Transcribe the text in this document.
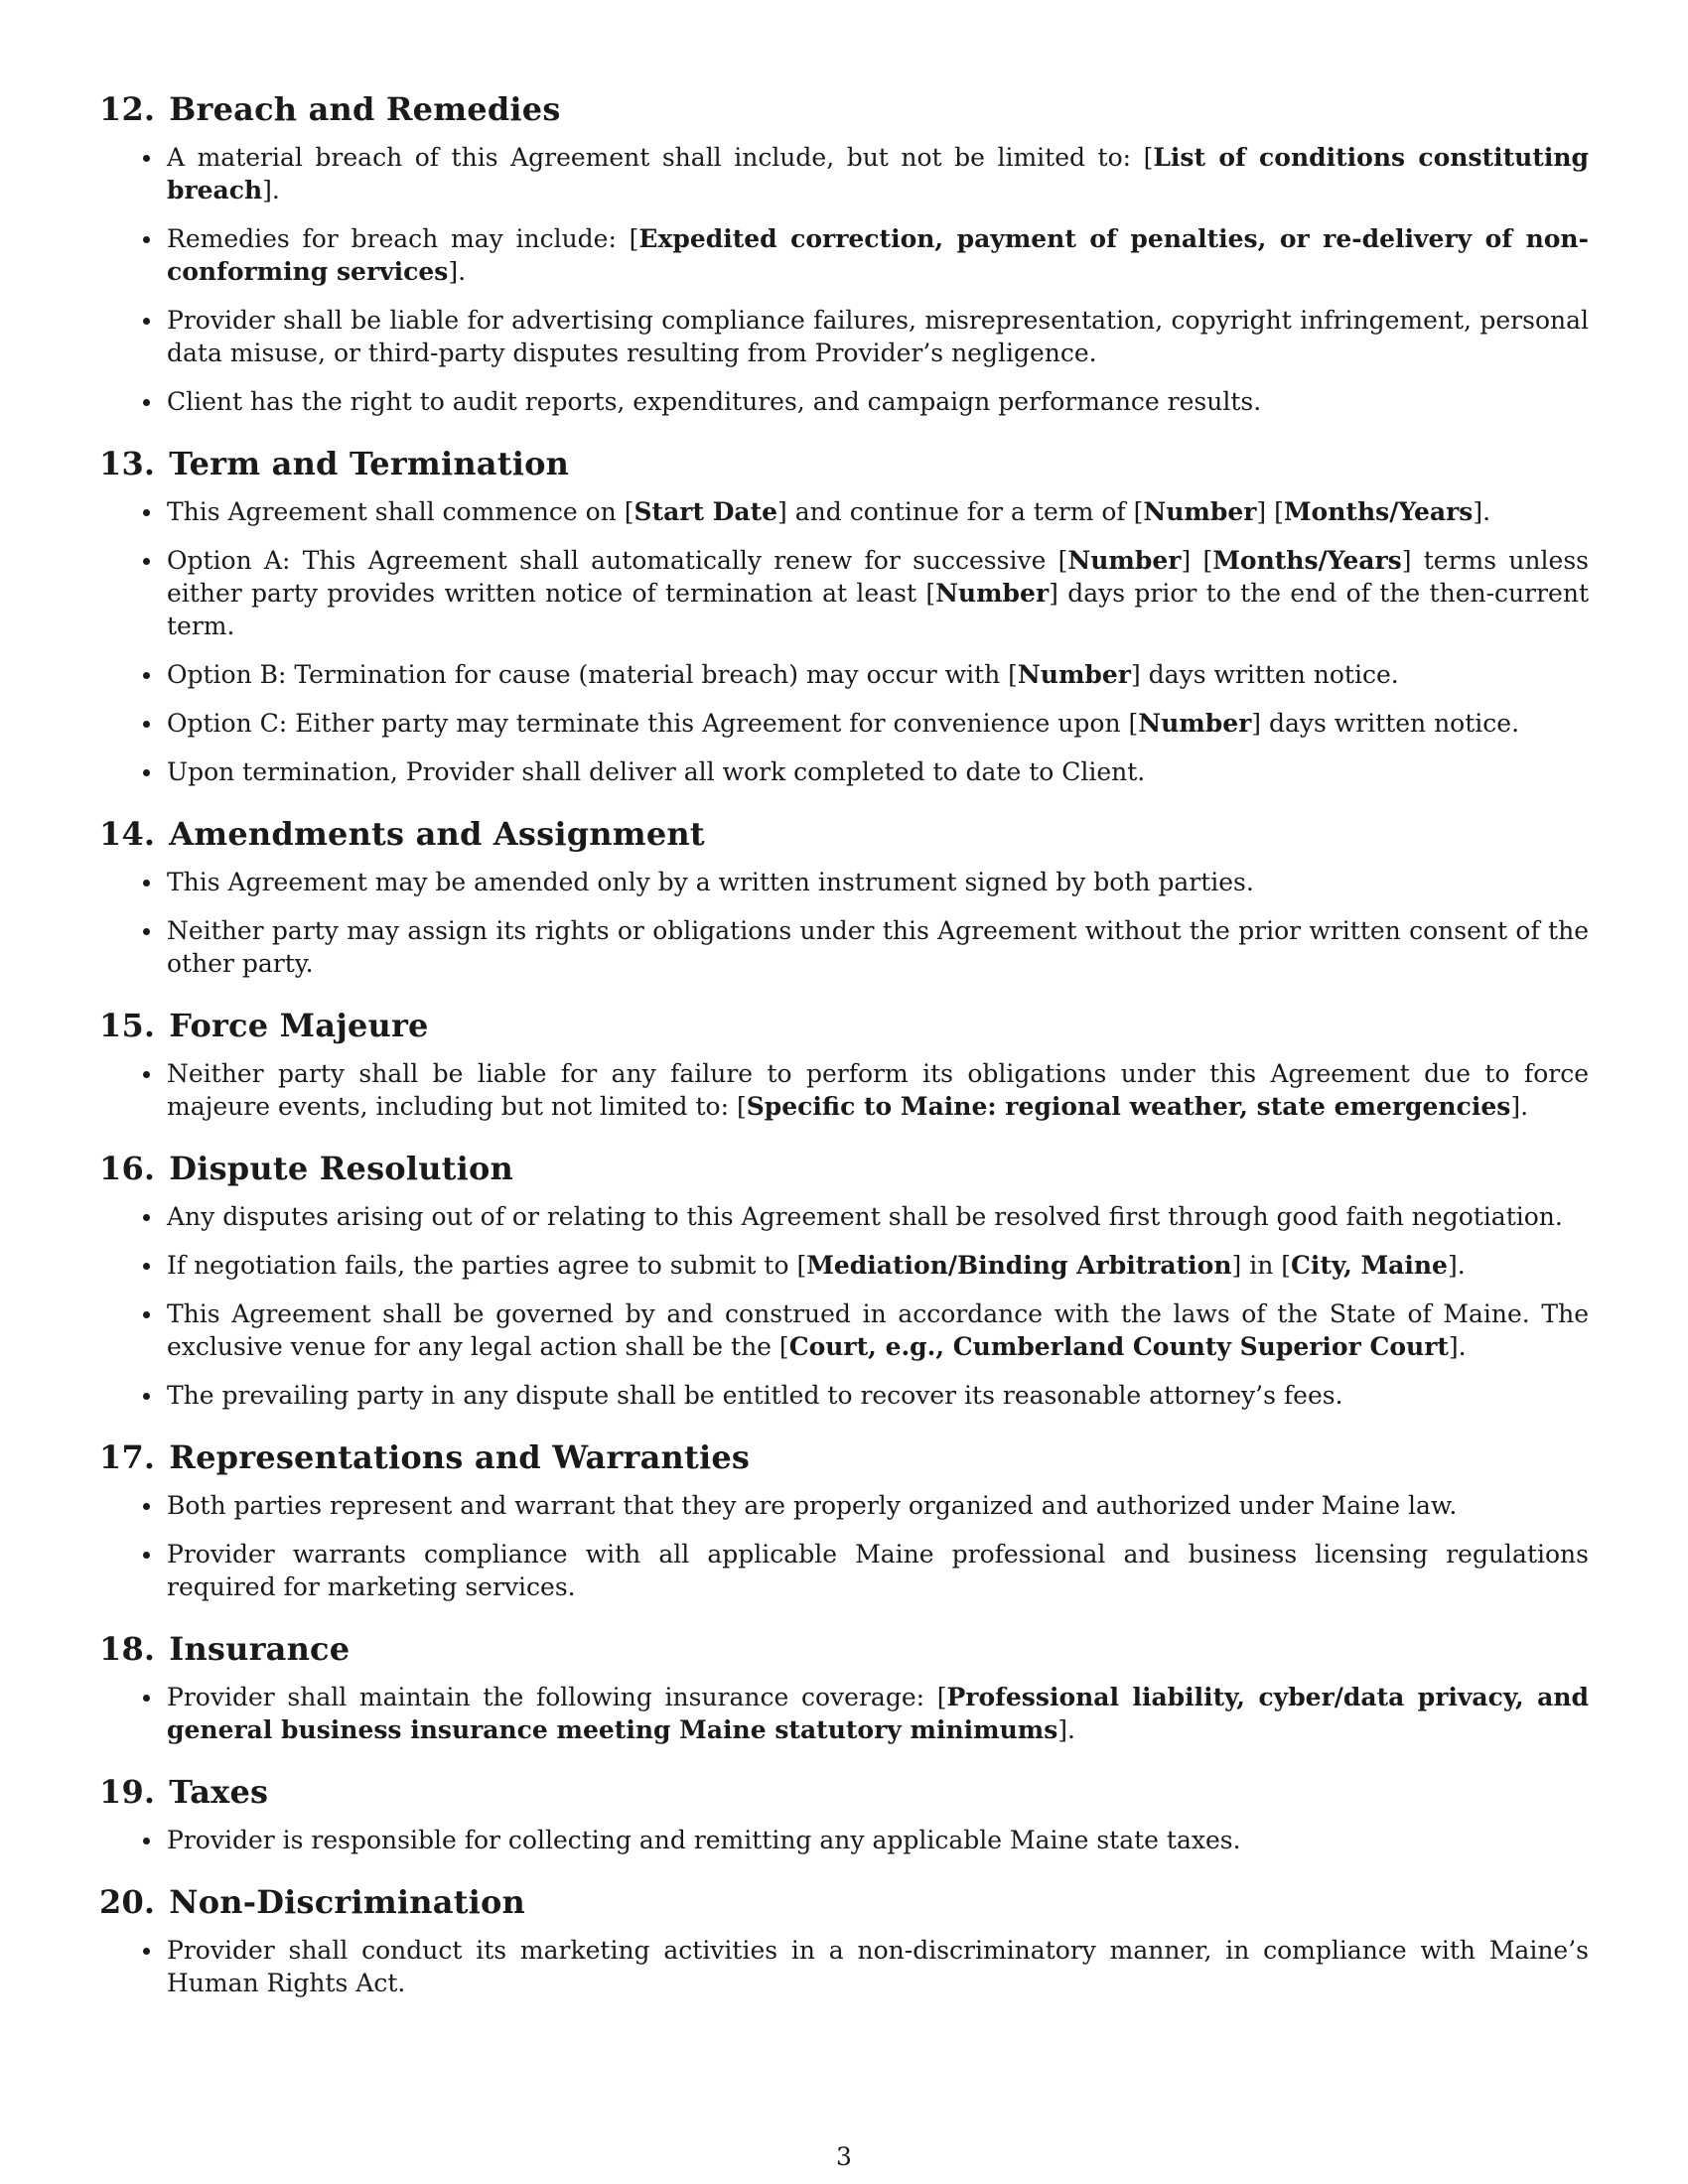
12. Breach and Remedies
A material breach of this Agreement shall include, but not be limited to: [List of conditions constituting breach].
Remedies for breach may include: [Expedited correction, payment of penalties, or re-delivery of non-conforming services].
Provider shall be liable for advertising compliance failures, misrepresentation, copyright infringement, personal data misuse, or third-party disputes resulting from Provider’s negligence.
Client has the right to audit reports, expenditures, and campaign performance results.
13. Term and Termination
This Agreement shall commence on [Start Date] and continue for a term of [Number] [Months/Years].
Option A: This Agreement shall automatically renew for successive [Number] [Months/Years] terms unless either party provides written notice of termination at least [Number] days prior to the end of the then-current term.
Option B: Termination for cause (material breach) may occur with [Number] days written notice.
Option C: Either party may terminate this Agreement for convenience upon [Number] days written notice.
Upon termination, Provider shall deliver all work completed to date to Client.
14. Amendments and Assignment
This Agreement may be amended only by a written instrument signed by both parties.
Neither party may assign its rights or obligations under this Agreement without the prior written consent of the other party.
15. Force Majeure
Neither party shall be liable for any failure to perform its obligations under this Agreement due to force majeure events, including but not limited to: [Specific to Maine: regional weather, state emergencies].
16. Dispute Resolution
Any disputes arising out of or relating to this Agreement shall be resolved first through good faith negotiation.
If negotiation fails, the parties agree to submit to [Mediation/Binding Arbitration] in [City, Maine].
This Agreement shall be governed by and construed in accordance with the laws of the State of Maine. The exclusive venue for any legal action shall be the [Court, e.g., Cumberland County Superior Court].
The prevailing party in any dispute shall be entitled to recover its reasonable attorney’s fees.
17. Representations and Warranties
Both parties represent and warrant that they are properly organized and authorized under Maine law.
Provider warrants compliance with all applicable Maine professional and business licensing regulations required for marketing services.
18. Insurance
Provider shall maintain the following insurance coverage: [Professional liability, cyber/data privacy, and general business insurance meeting Maine statutory minimums].
19. Taxes
Provider is responsible for collecting and remitting any applicable Maine state taxes.
20. Non-Discrimination
Provider shall conduct its marketing activities in a non-discriminatory manner, in compliance with Maine’s Human Rights Act.
3
